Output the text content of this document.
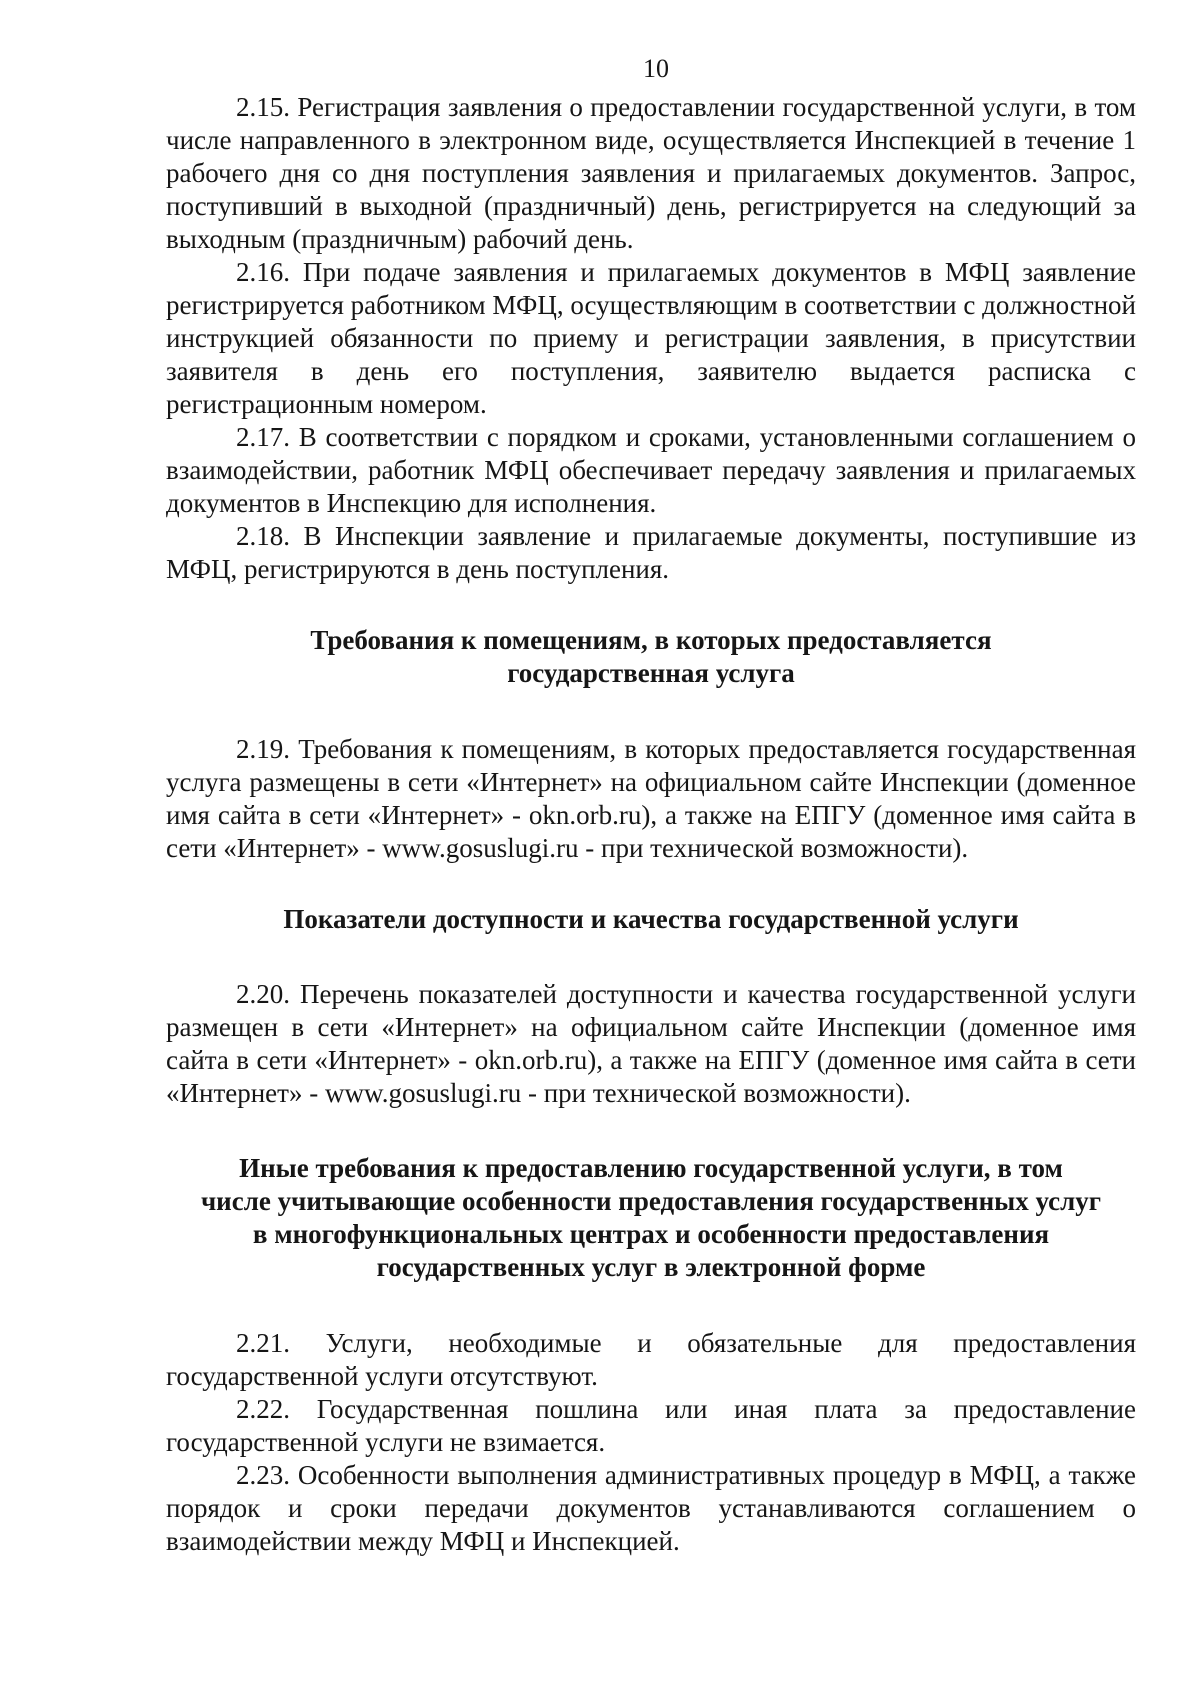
10

2.15. Регистрация заявления о предоставлении государственной услуги, в том числе направленного в электронном виде, осуществляется Инспекцией в течение 1 рабочего дня со дня поступления заявления и прилагаемых документов. Запрос, поступивший в выходной (праздничный) день, регистрируется на следующий за выходным (праздничным) рабочий день.

2.16. При подаче заявления и прилагаемых документов в МФЦ заявление регистрируется работником МФЦ, осуществляющим в соответствии с должностной инструкцией обязанности по приему и регистрации заявления, в присутствии заявителя в день его поступления, заявителю выдается расписка с регистрационным номером.

2.17. В соответствии с порядком и сроками, установленными соглашением о взаимодействии, работник МФЦ обеспечивает передачу заявления и прилагаемых документов в Инспекцию для исполнения.

2.18. В Инспекции заявление и прилагаемые документы, поступившие из МФЦ, регистрируются в день поступления.

Требования к помещениям, в которых предоставляется
государственная услуга

2.19. Требования к помещениям, в которых предоставляется государственная услуга размещены в сети «Интернет» на официальном сайте Инспекции (доменное имя сайта в сети «Интернет» - okn.orb.ru), а также на ЕПГУ (доменное имя сайта в сети «Интернет» - www.gosuslugi.ru - при технической возможности).

Показатели доступности и качества государственной услуги

2.20. Перечень показателей доступности и качества государственной услуги размещен в сети «Интернет» на официальном сайте Инспекции (доменное имя сайта в сети «Интернет» - okn.orb.ru), а также на ЕПГУ (доменное имя сайта в сети «Интернет» - www.gosuslugi.ru - при технической возможности).

Иные требования к предоставлению государственной услуги, в том
числе учитывающие особенности предоставления государственных услуг
в многофункциональных центрах и особенности предоставления
государственных услуг в электронной форме

2.21. Услуги, необходимые и обязательные для предоставления государственной услуги отсутствуют.

2.22. Государственная пошлина или иная плата за предоставление государственной услуги не взимается.

2.23. Особенности выполнения административных процедур в МФЦ, а также порядок и сроки передачи документов устанавливаются соглашением о взаимодействии между МФЦ и Инспекцией.
